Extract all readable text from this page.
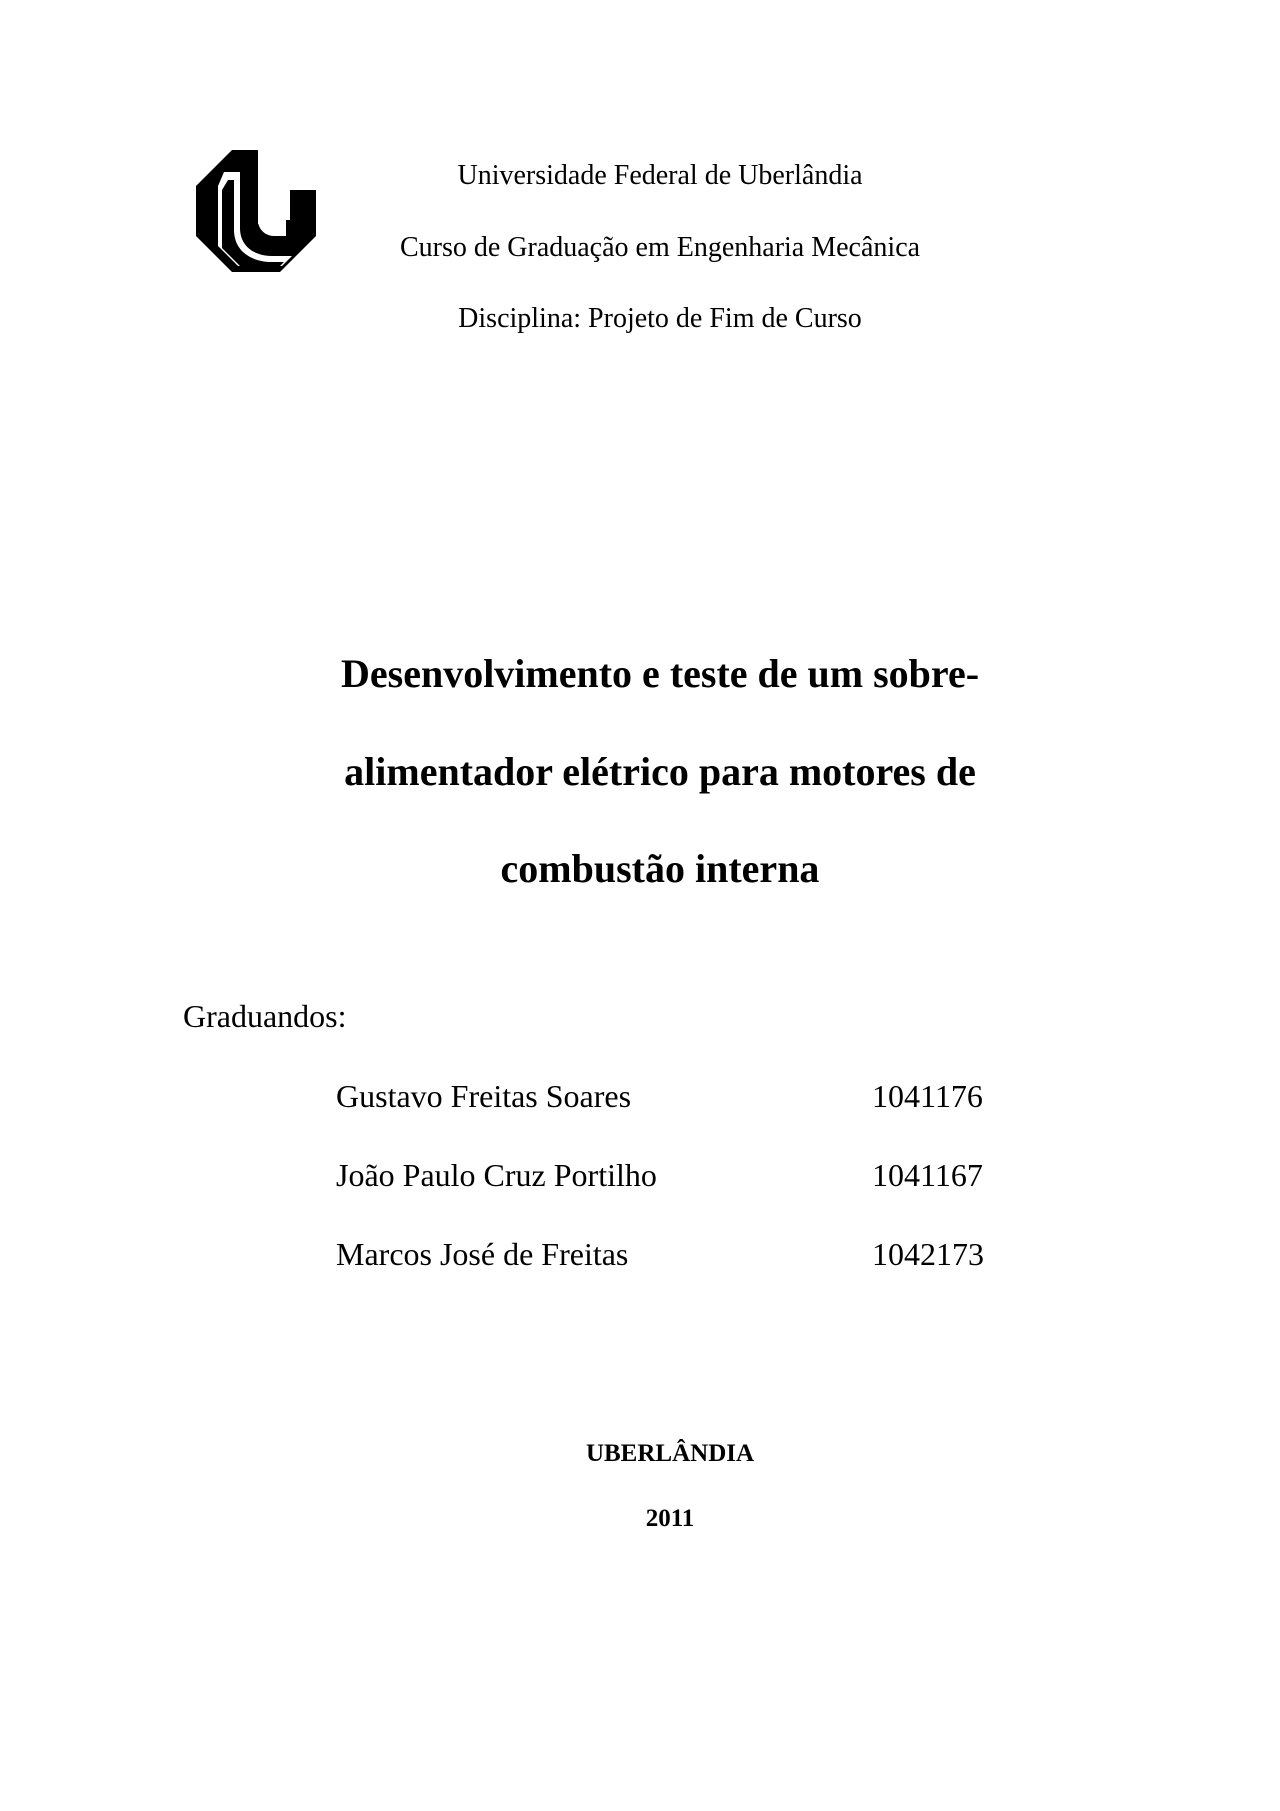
Universidade Federal de Uberlândia
Curso de Graduação em Engenharia Mecânica
Disciplina: Projeto de Fim de Curso
Desenvolvimento e teste de um sobre-
alimentador elétrico para motores de
combustão interna
Graduandos:
Gustavo Freitas Soares	1041176
João Paulo Cruz Portilho	1041167
Marcos José de Freitas	1042173
UBERLÂNDIA
2011
